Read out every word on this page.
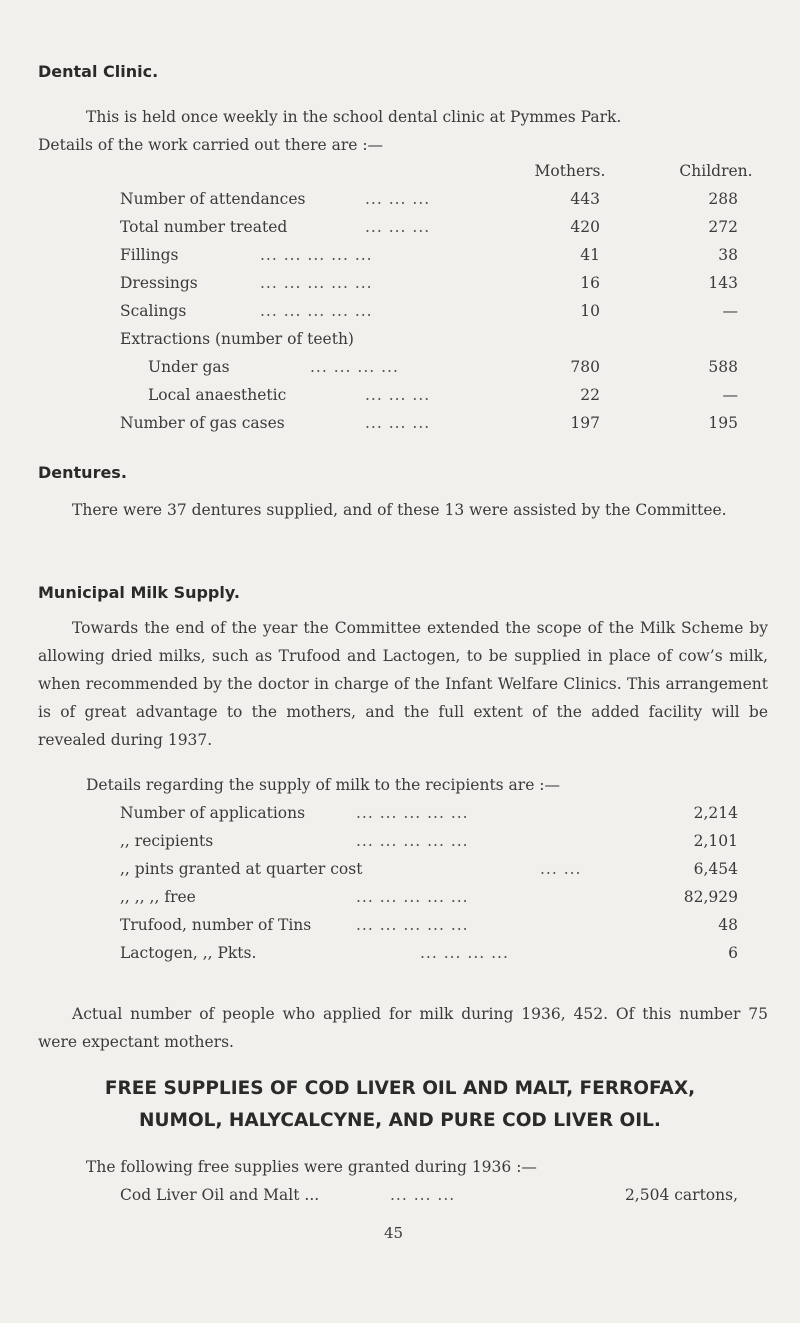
Dental Clinic.
This is held once weekly in the school dental clinic at Pymmes Park.
Details of the work carried out there are :—
Mothers.	Children.
Number of attendances	... ... ...	443	288
Total number treated	... ... ...	420	272
Fillings	... ... ... ... ...	41	38
Dressings	... ... ... ... ...	16	143
Scalings	... ... ... ... ...	10	—
Extractions (number of teeth)
Under gas	... ... ... ...	780	588
Local anaesthetic	... ... ...	22	—
Number of gas cases	... ... ...	197	195
Dentures.
There were 37 dentures supplied, and of these 13 were assisted by the Committee.
Municipal Milk Supply.
Towards the end of the year the Committee extended the scope of the Milk Scheme by allowing dried milks, such as Trufood and Lactogen, to be supplied in place of cow’s milk, when recommended by the doctor in charge of the Infant Welfare Clinics. This arrangement is of great advantage to the mothers, and the full extent of the added facility will be revealed during 1937.
Details regarding the supply of milk to the recipients are :—
Number of applications	... ... ... ... ...	2,214
,, recipients	... ... ... ... ...	2,101
,, pints granted at quarter cost	... ...	6,454
,, ,, ,, free	... ... ... ... ...	82,929
Trufood, number of Tins	... ... ... ... ...	48
Lactogen, ,, Pkts.	... ... ... ...	6
Actual number of people who applied for milk during 1936, 452. Of this number 75 were expectant mothers.
FREE SUPPLIES OF COD LIVER OIL AND MALT, FERROFAX,
NUMOL, HALYCALCYNE, AND PURE COD LIVER OIL.
The following free supplies were granted during 1936 :—
Cod Liver Oil and Malt ...	... ... ...	2,504 cartons,
45
